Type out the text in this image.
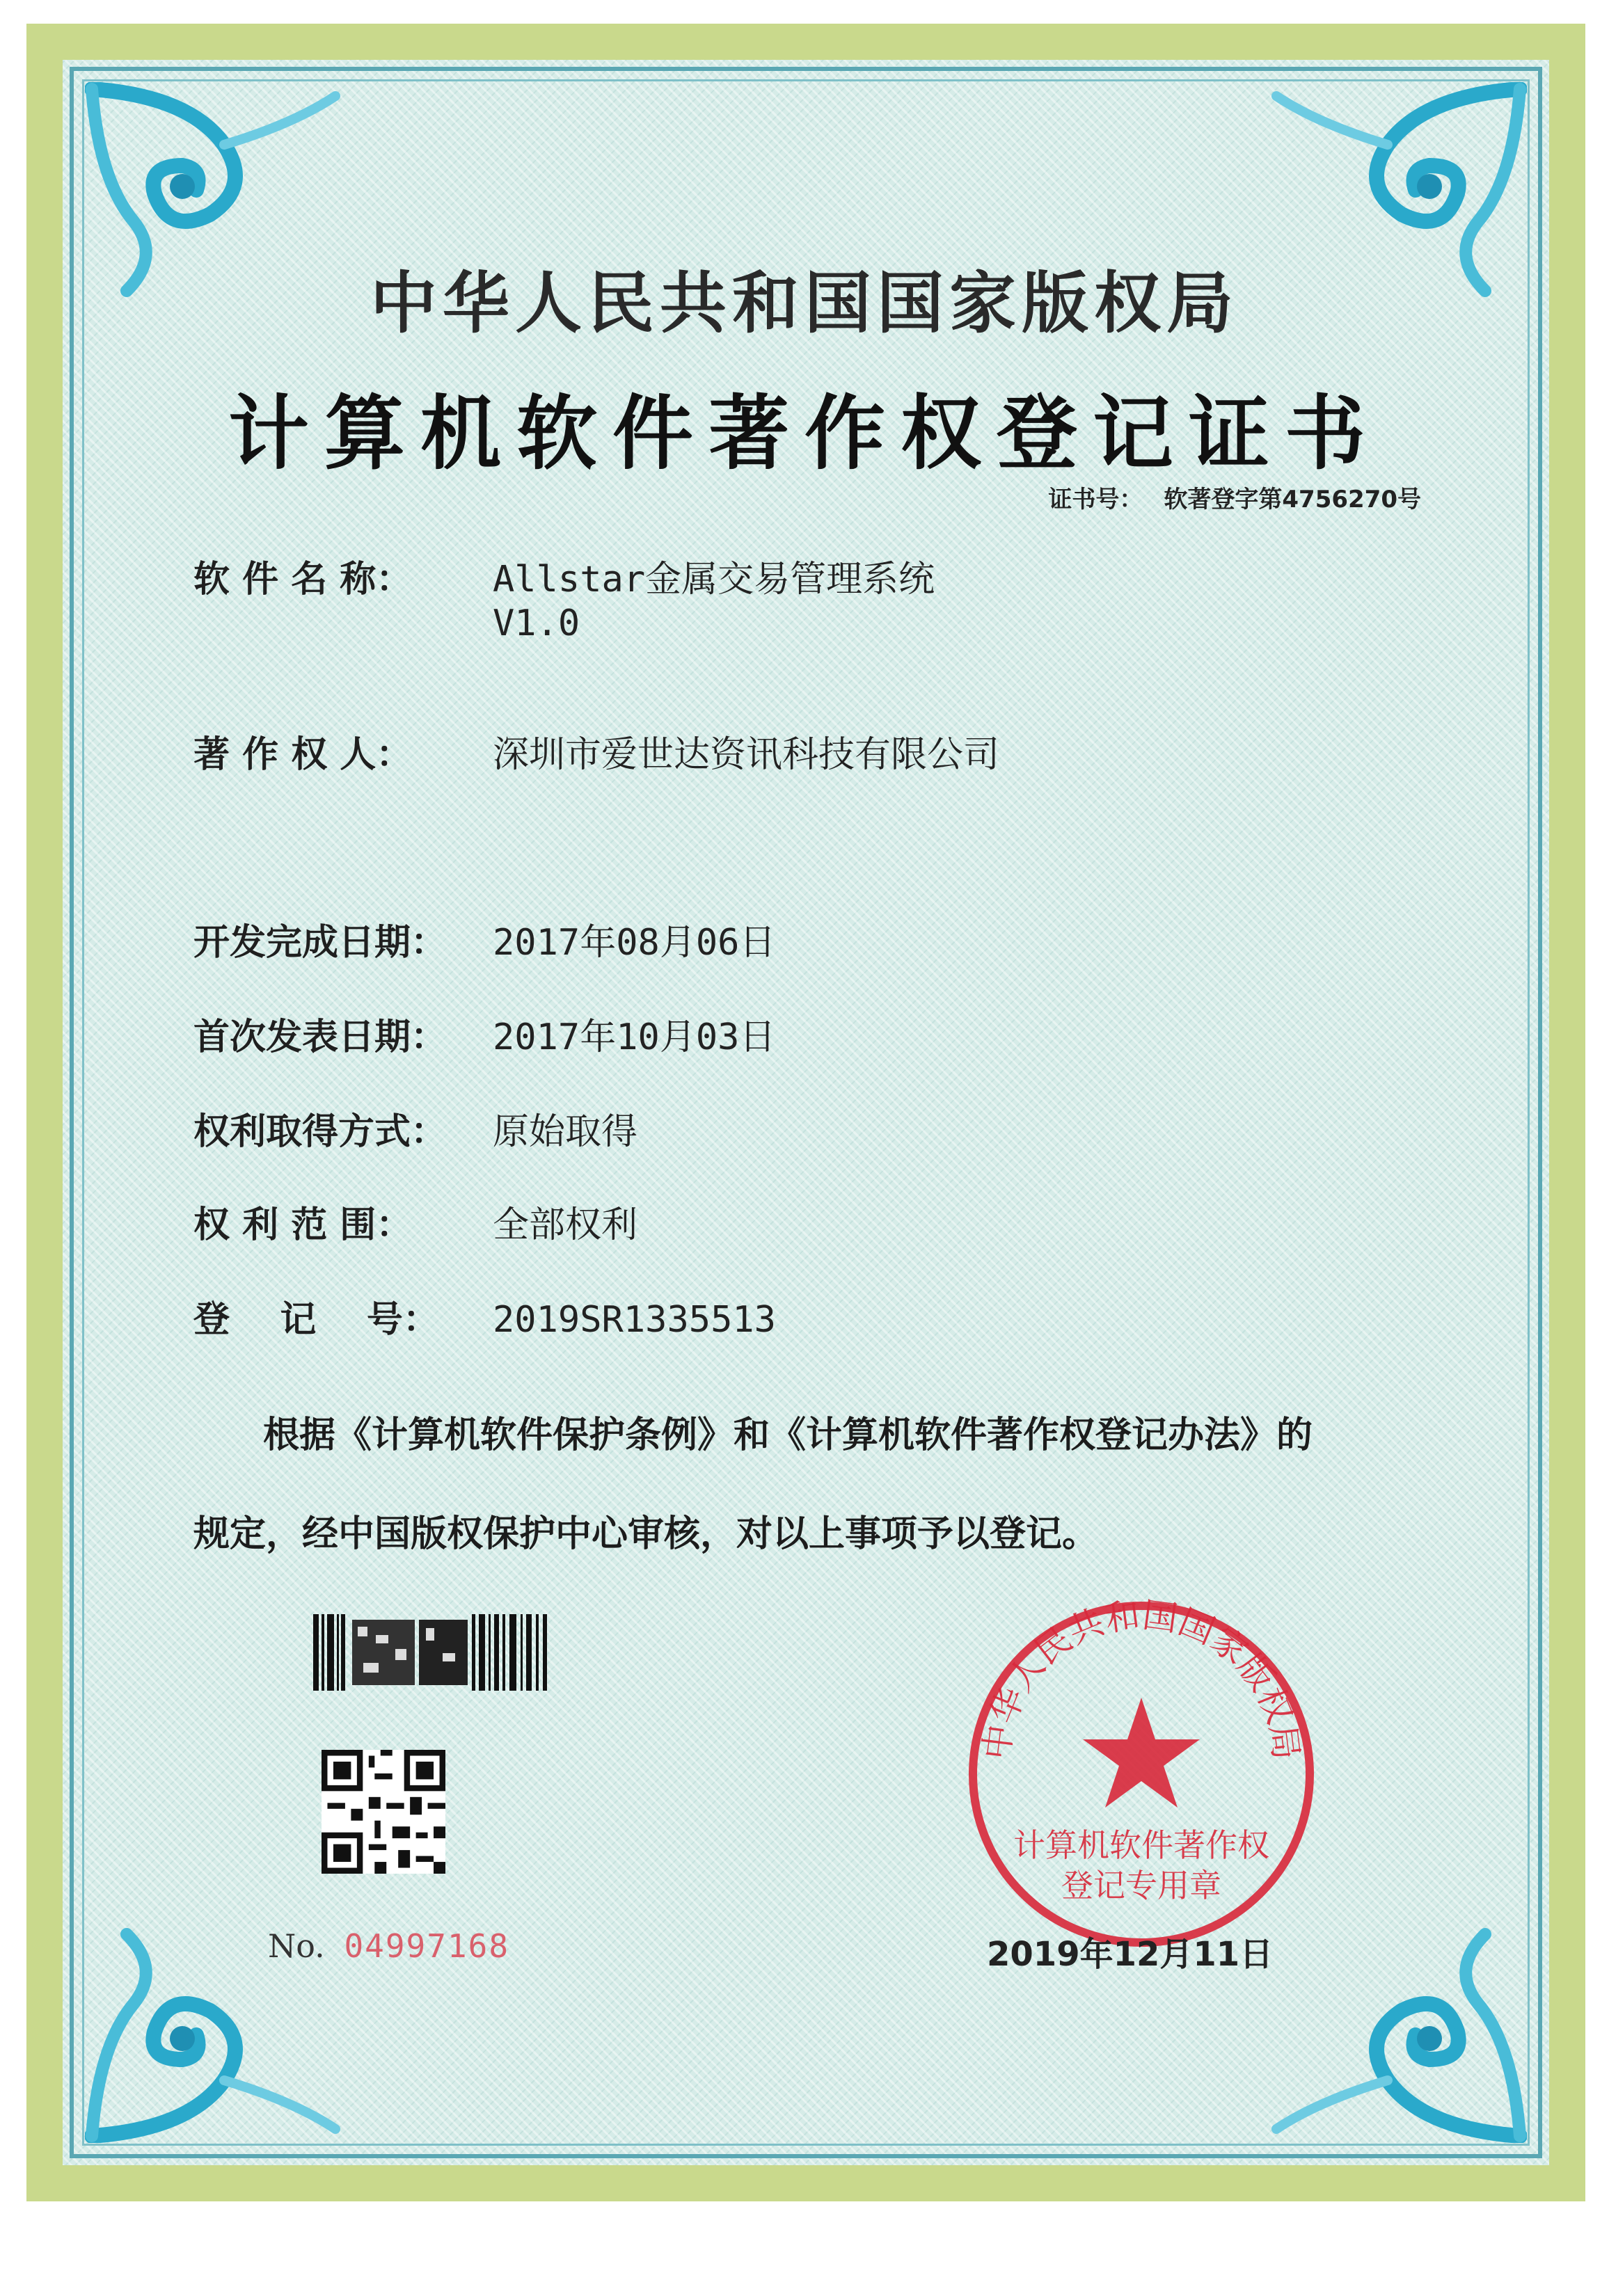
中华人民共和国国家版权局
计算机软件著作权登记证书
证书号： 软著登字第4756270号
软 件 名 称： Allstar金属交易管理系统
V1.0
著 作 权 人： 深圳市爱世达资讯科技有限公司
开发完成日期： 2017年08月06日
首次发表日期： 2017年10月03日
权利取得方式： 原始取得
权 利 范 围： 全部权利
登    记    号： 2019SR1335513
根据《计算机软件保护条例》和《计算机软件著作权登记办法》的
规定，经中国版权保护中心审核，对以上事项予以登记。
No. 04997168
中华人民共和国国家版权局
计算机软件著作权
登记专用章
2019年12月11日
